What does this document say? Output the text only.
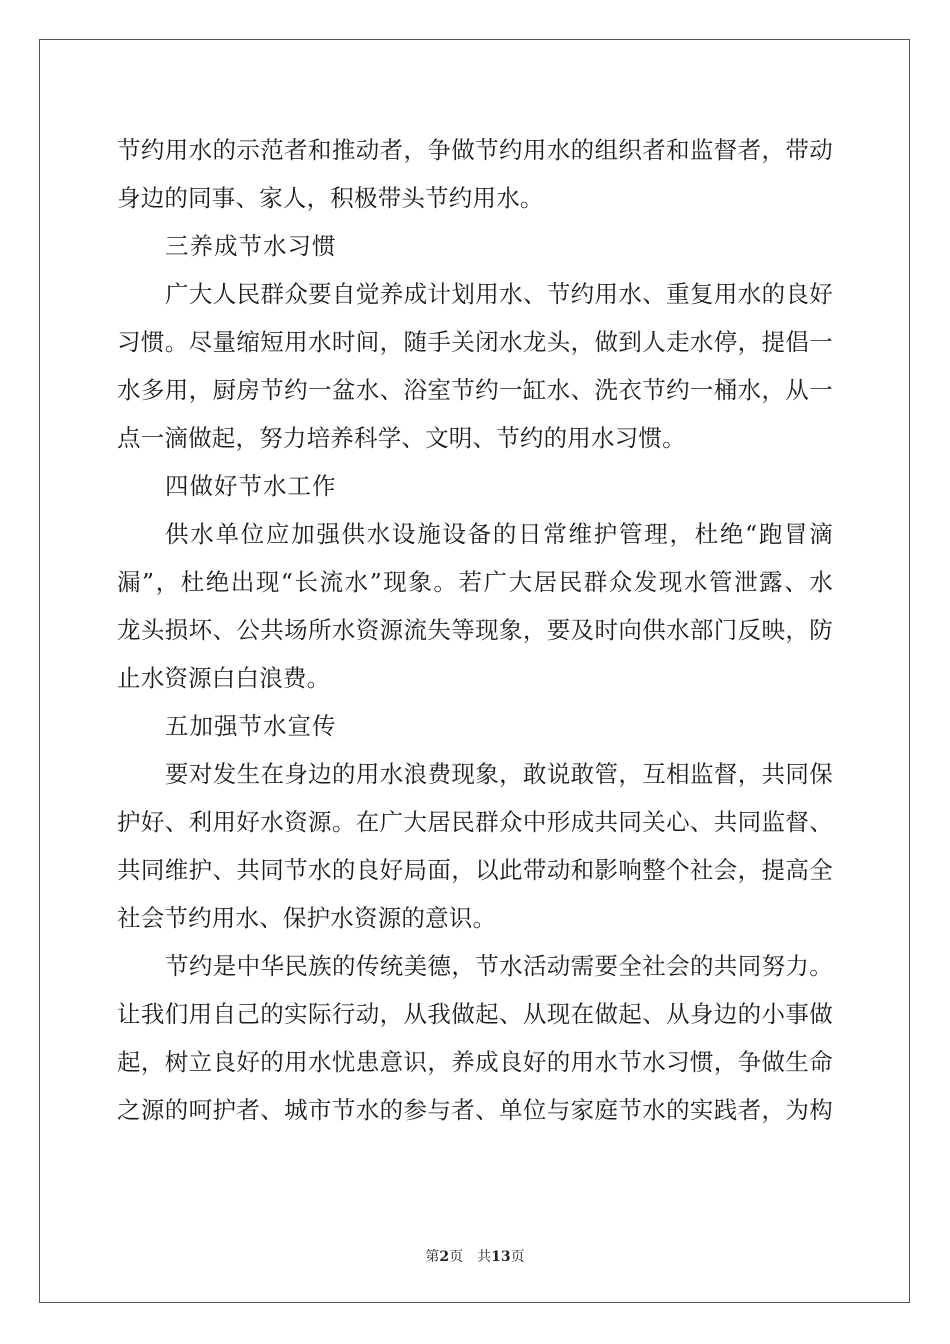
节约用水的示范者和推动者，争做节约用水的组织者和监督者，带动
身边的同事、家人，积极带头节约用水。
三养成节水习惯
广大人民群众要自觉养成计划用水、节约用水、重复用水的良好
习惯。尽量缩短用水时间，随手关闭水龙头，做到人走水停，提倡一
水多用，厨房节约一盆水、浴室节约一缸水、洗衣节约一桶水，从一
点一滴做起，努力培养科学、文明、节约的用水习惯。
四做好节水工作
供水单位应加强供水设施设备的日常维护管理，杜绝“跑冒滴
漏”，杜绝出现“长流水”现象。若广大居民群众发现水管泄露、水
龙头损坏、公共场所水资源流失等现象，要及时向供水部门反映，防
止水资源白白浪费。
五加强节水宣传
要对发生在身边的用水浪费现象，敢说敢管，互相监督，共同保
护好、利用好水资源。在广大居民群众中形成共同关心、共同监督、
共同维护、共同节水的良好局面，以此带动和影响整个社会，提高全
社会节约用水、保护水资源的意识。
节约是中华民族的传统美德，节水活动需要全社会的共同努力。
让我们用自己的实际行动，从我做起、从现在做起、从身边的小事做
起，树立良好的用水忧患意识，养成良好的用水节水习惯，争做生命
之源的呵护者、城市节水的参与者、单位与家庭节水的实践者，为构
第2页 共13页
